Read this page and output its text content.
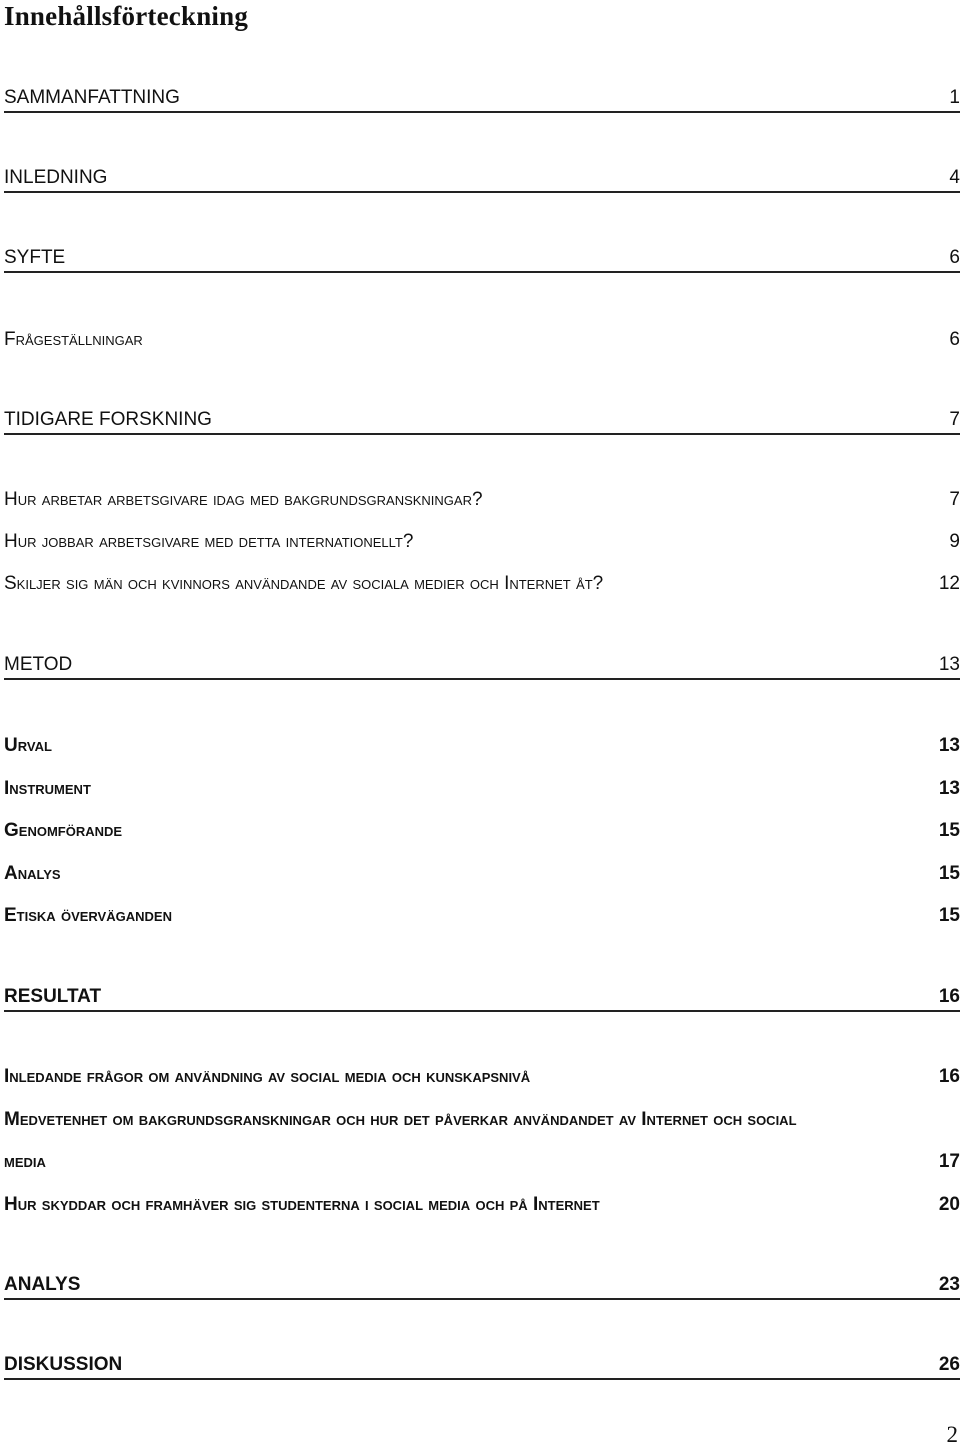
Innehållsförteckning
SAMMANFATTNING	1
INLEDNING	4
SYFTE	6
Frågeställningar	6
TIDIGARE FORSKNING	7
Hur arbetar arbetsgivare idag med bakgrundsgranskningar?	7
Hur jobbar arbetsgivare med detta internationellt?	9
Skiljer sig män och kvinnors användande av sociala medier och Internet åt?	12
METOD	13
Urval	13
Instrument	13
Genomförande	15
Analys	15
Etiska överväganden	15
RESULTAT	16
Inledande frågor om användning av social media och kunskapsnivå	16
Medvetenhet om bakgrundsgranskningar och hur det påverkar användandet av Internet och social
media	17
Hur skyddar och framhäver sig studenterna i social media och på Internet	20
ANALYS	23
DISKUSSION	26
2
